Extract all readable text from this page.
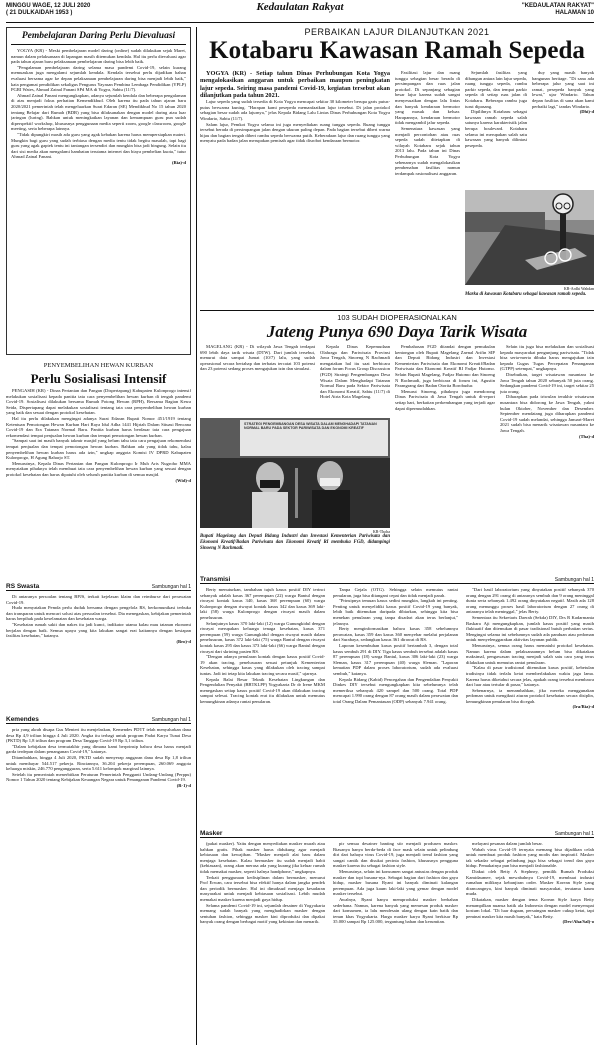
MINGGU WAGE, 12 JULI 2020
( 21 DULKAIDAH 1953 )	Kedaulatan Rakyat	"KEDAULATAN RAKYAT"
HALAMAN 10
Pembelajaran Daring Perlu Dievaluasi

YOGYA (KR) - Meski pembelajaran model daring (online) sudah dilakukan sejak Maret, namun dalam pelaksanaan di lapangan masih ditemukan kendala. Hal itu perlu dievaluasi agar pada tahun ajaran baru pelaksanaan pembelajaran daring bisa lebih baik.

"Pengalaman pembelajaran daring selama masa pandemi Covid-19, selain kurang memuaskan juga mengalami sejumlah kendala. Kendala tersebut perlu dijadikan bahan evaluasi bersama agar ke depan pelaksanaan pembelajaran daring bisa menjadi lebih baik," kata pengamat pendidikan sekaligus Pengurus Yayasan Pembina Lembaga Pendidikan (YPLP) PGRI Wates, Ahmad Zainal Fanani SPd MA di Yogya, Sabtu (11/7).

Ahmad Zainal Fanani mengungkapkan, adanya sejumlah kendala dan beberapa pengalaman di atas menjadi fokus perhatian Kemendikbud. Oleh karena itu pada tahun ajaran baru 2020/2021 pemerintah telah mengeluarkan Surat Edaran (SE) Mendikbud No 15 tahun 2020 tentang Belajar dari Rumah (BDR) yang bisa dilaksanakan dengan model daring atau luar jaringan (luring). Bahkan untuk meningkatkan layanan dan kemampuan guru pun sudah diperspektif workshop, khususnya penggunaan media seperti zoom, google classroom, google meeting, serta beberapa lainnya.

"Tidak dipungkiri masih ada guru yang agak kebakan karena harus mempersiapkan materi. Mungkin bagi guru yang sudah terbiasa dengan media tentu tidak begitu masalah, tapi bagi guru yang agak gaptek tentu ini tantangan tersendiri dan mungkin bisa jadi bingung. Selain itu dari sisi media akan mengalami hambatan terutama internet dan biaya pembelian kuota," tutur Ahmad Zainal Fanani.

(Ria)-d
PENYEMBELIHAN HEWAN KURBAN
Perlu Sosialisasi Intensif

PENGASIH (KR) - Dinas Pertanian dan Pangan (Dispertapang) Kabupaten Kulonprogo intensif melakukan sosialisasi kepada panitia tata cara penyembelihan hewan kurban di tengah pandemi Covid-19. Sosialisasi dilakukan bersama Rumah Potong Hewan (RPH), Bersama Bagian Kesra Setda, Dispertapang dapat melakukan sosialisasi tentang tata cara penyembelihan hewan kurban yang baik dan sesuai dengan protokol kesehatan.

Hal itu perlu dilakukan mengingat adanya Surat Edaran Bupati Nomor 451/1919 tentang Ketentuan Pemotongan Hewan Kurban Hari Raya Idul Adha 1441 Hijriah Dalam Situasi Bencana Covid-19 dan Era Tatanan Normal Baru. Panitia kurban harus berdasar tata cara pengajuan rekomendasi tempat penjualan hewan kurban dan tempat pemotongan hewan kurban.

"Sampai saat ini masih banyak takmir masjid yang belum tahu tata cara pengajuan rekomendasi tempat penjualan dan tempat pemotongan hewan kurban. Bahkan ada yang tidak tahu, kalau penyembelihan hewan kurban harus ada izin," ungkap anggota Komisi IV DPRD Kabupaten Kulonprogo, H Agung Raharjo ST.

Menurutnya, Kepala Dinas Pertanian dan Pangan Kulonprogo Ir Muh Aris Nugroho MMA menyatakan pihaknya telah membuat tata cara penyembelihan hewan kurban yang sesuai dengan protokol kesehatan dan harus dipatuhi oleh seluruh panitia kurban di semua masjid.

(Wid)-d
RS Swasta	Sambungan hal 1

Di antaranya persoalan tentang BPJS, terkait kejelasan klaim dan reimburse dari perawatan Covid-19.

Huda menyatakan Pemda perlu duduk bersama dengan pengelola RS, berkomunikasi terbuka dan transparan untuk mencari solusi atas persoalan tersebut. Dia menegaskan, kebijakan pemerintah harus berpihak pada keselamatan dan kesehatan warga.

"Kesehatan rumah sakit dan nakes itu jadi kunci, indikator utama kalau mau tatanan ekonomi berjalan dengan baik. Semua upaya yang kita lakukan sangat erat kaitannya dengan kesiapan fasilitas kesehatan," katanya.

(Bro)-d
Kemendes	Sambungan hal 1

pria yang akrab disapa Gus Menteri itu menjelaskan, Kemendes PDTT telah menyalurkan dana desa Rp 4,9 triliun hingga 4 Juli 2020. Angka itu terbagi untuk program Padat Karya Tunai Desa (PKTD) Rp 1,8 triliun dan program Desa Tanggap Covid-19 Rp 3,1 triliun.

"Dalam kebijakan desa termutakhir yang dimana kami berprinsip bahwa desa harus menjadi garda terdepan dalam penanganan Covid-19," katanya.

Ditambahkan, hingga 4 Juli 2020, PKTD sudah menyerap anggaran dana desa Rp 1,8 triliun untuk membayar 544.517 pekerja. Rinciannya, 36.204 pekerja perempuan, 260.069 anggota keluarga miskin, 246.770 pengangguran, serta 5.611 kelompok marginal lainnya.

Setelah itu pemerintah menerbitkan Peraturan Pemerintah Pengganti Undang-Undang (Perppu) Nomor 1 Tahun 2020 tentang Kebijakan Keuangan Negara untuk Penanganan Pandemi Covid-19.

(R-1)-d
PERBAIKAN LAJUR DILANJUTKAN 2021
Kotabaru Kawasan Ramah Sepeda

YOGYA (KR) - Setiap tahun Dinas Perhubungan Kota Yogya mengalokasikan anggaran untuk perbaikan maupun peningkatan lajur sepeda. Seiring masa pandemi Covid-19, kegiatan tersebut akan dilanjutkan pada tahun 2021.

Lajur sepeda yang sudah tersedia di Kota Yogya mencapai sekitar 30 kilometer berupa garis putus-putus berwarna kuning. "Harapan kami pesepeda memanfaatkan lajur tersebut. Di jalan protokol sebagian besar sudah ada lajurnya," jelas Kepala Bidang Lalu Lintas Dinas Perhubungan Kota Yogya Windarto, Sabtu (11/7).

Salam lajur, Pemkot Yogya selama ini juga menyediakan ruang tunggu sepeda. Ruang tunggu tersebut berada di persimpangan jalan dengan ukuran paling depan. Pada bagian tersebut diberi warna hijau dan bagian tengah diberi rambu sepeda berwarna putih. Keberadaan lajur dan ruang tunggu yang menyatu pada badan jalan merupakan pemisah agar tidak disrobot kendaraan bermotor.

Fasilitasi lajur dan ruang tunggu sebagian besar berada di persimpangan dan ruas jalan protokol. Di sepanjang sebagian besar lajur karena sudah sangat menyesuaikan dengan lalu lintas dan banyak kendaraan bermotor yang masuk dan keluar. Harapannya, kendaraan bermotor tidak mengambil jalur sepeda.

Semenatara kawasan yang menjadi percontohan atau ruas sepeda sudah ditetapkan di wilayah Kotabaru sejak tahun 2013 lalu. Pada tahun ini Dinas Perhubungan Kota Yogya sebenarnya sudah mengalokasikan pembenahan fasilitas namun terdampak rasionalisasi anggaran.

Sejumlah fasilitas yang dibangun antara lain lajur sepeda, ruang tunggu sepeda, rambu parkir sepeda, dan tempat parkir sepeda di setiap ruas jalan di Kotabaru. Beberapa rambu juga turut dipasang.

Dipilihnya Kotabaru sebagai kawasan ramah sepeda salah satunya karena karakteristik jalan berupa boulevard. Kotabaru selama ini merupakan salah satu kawasan yang banyak dilintasi pesepeda.

duy yang masih banyak bangunan heritage. "Di sana ada beberapa jalur yang saat ini ramai, pesepeda banyak yang lewat," ujar Windarto. Tahun depan fasilitas di sana akan kami perbaiki lagi," tandas Windarto.

(Dhi)-d
KR-Ardhi Wahdan
Marka di kawasan Kotabaru sebagai kawasan ramah sepeda.
103 SUDAH DIOPERASIONALKAN
Jateng Punya 690 Daya Tarik Wisata

MAGELANG (KR) - Di wilayah Jawa Tengah terdapat 690 lebih daya tarik wisata (DTW). Dari jumlah tersebut, menurut data sampai Jumat (10/7) lalu, yang sudah operasional secara bertahap dan terbatas tercatat 103 potensi dan 23 potensi sedang proses mengajukan izin dan simulasi.

Kepala Dinas Kepemudaan Olahraga dan Pariwisata Provinsi Jawa Tengah, Sinoeng N Rachmadi mengatakan hal itu saat berbicara dalam forum Focus Group Discussion (FGD) Strategi Pengembangan Desa Wisata Dalam Menghadapi Tatanan Normal Baru pada Sektor Pariwisata dan Ekonomi Kreatif, Sabtu (11/7) di Hotel Atria Kota Magelang.

Pembahasan FGD ditandai dengan pemukulan kentongan oleh Bupati Magelang Zaenal Arifin SIP dan Deputi Bidang Industri dan Investasi Kementerian Pariwisata dan Ekonomi Kreatif/Badan Pariwisata dan Ekonomi Kreatif RI Fadjar Hutomo. Selain Bupati Magelang, Fadjar Hutomo dan Sinoeng N Rachmadi, juga berbicara di forum ini, Agustin Parangrang dari Badan Otorita Borobudur.

Menurut Sinoeng, pihaknya juga mendorong Dinas Pariwisata di Jawa Tengah untuk di-report setiap hari, berkaitan perkembangan yang terjadi agar dapat dipermudahkan.

Selain itu juga bisa melakukan dan sosialisasi kepada masyarakat pengunjung pariwisata. "Tidak bisa serta-merta dibuka harus mengajukan izin kepada Gugus Tugas Percepatan Penanganan (GTPP) setempat," ungkapnya.

Disebutkan, target wisatawan nusantara ke Jawa Tengah tahun 2020 sebanyak 50 juta orang. Sedangkan pandemi Covid-19 ini, target sekitar 25 juta orang.

Diharapkan pada triwulan terakhir wisatawan nusantara bisa didorong ke Jawa Tengah, yakni bulan Oktober, November dan Desember. September mendatang juga diharapkan pandemi Covid-19 sudah melandai, sehingga Januari-Maret 2021 sudah bisa menarik wisatawan nusantara ke Jawa Tengah.

(Tha)-d
STRATEGI PENGEMBANGAN DESA WISATA DALAM MENGHADAPI TATANAN NORMAL BARU PADA SEKTOR PARIWISATA DAN EKONOMI KREATIF
KR-Thoha
Bupati Magelang dan Deputi Bidang Industri dan Investasi Kementerian Pariwisata dan Ekonomi Kreatif/Badan Pariwisata dan Ekonomi Kreatif RI membuka FGD, didampingi Sinoeng N Rachmadi.
Transmisi	Sambungan hal 1

Berty menuturkan, tambahan tujuh kasus positif DIY terinci sebanyak adalah kasus 367 perempuan (22) warga Bantul dengan riwayat kontak kasus 340, kasus 368 perempuan (60) warga Kulonprogo dengan riwayat kontak kasus 342 dan kasus 369 laki-laki (58) warga Kulonprogo dengan riwayat masih dalam penelusuran.

Selanjutnya kasus 370 laki-laki (12) warga Gunungkidul dengan riwayat merupakan keluarga tenaga kesehatan, kasus 371 perempuan (59) warga Gunungkidul dengan riwayat masih dalam penelusuran, kasus 372 laki-laki (75) warga Bantul dengan riwayat kontak kasus 295 dan kasus 373 laki-laki (66) warga Bantul dengan riwayat dari skrining pasien RS.

"Dengan adanya penularan kontak dengan kasus positif Covid-19 akan tracing, penelusuran sesuai petunjuk Kementerian Kesehatan, sehingga kasus yang dilakukan oleh tracing sampai tuntas. Jadi ini tetap kita lakukan tracing secara masif," ujarnya.

Kepala Balai Besar Teknik Kesehatan Lingkungan dan Pengendalian Penyakit (BBTKLPP) Yogyakarta Dr dr Irene MKM menegaskan setiap kasus positif Covid-19 akan dilakukan tracing sampai selesai. Tracing kontak erat itu dilakukan untuk memutus kemungkinan adanya rantai penularan.

Tanpa Gejala (OTG). Sehingga selain memutus rantai penularan, juga bisa ditangani cepat dan tidak menjadi parah.

"Prinsipnya temuan kasus sedini mungkin, langkah ini penting. Penting untuk menyelidiki kasus positif Covid-19 yang banyak, lebih baik ditemukan daripada dibiarkan, sehingga kita bisa menekan penularan yang tanpa disadari akan terus berlanjut," jelasnya.

Berty menginformasikan bahwa kasus 358 sebelumnya perawatan, kasus 359 dan kasus 360 menyebar melalui perjalanan dari Surabaya, sedangkan kasus 361 dirawat di RS.

Laporan kesembuhan kasus positif bertambah 3, dengan total kasus sembuh 291 di DIY. Tiga kasus sembuh tersebut adalah kasus 87 perempuan (18) warga Bantul, kasus 306 laki-laki (23) warga Sleman, kasus 317 perempuan (40) warga Sleman. "Laporan kematian PDP dalam proses laboratorium, sudah ada evaluasi sembuh," katanya.

Kepala Bidang (Kabid) Pencegahan dan Pengendalian Penyakit Dinkes DIY tersebut mengungkapkan kita sebelumnya telah memeriksa sebanyak 420 sampel dan 500 orang. Total PDP mencapai 1.990 orang dengan 87 orang masih dalam perawatan dan total Orang Dalam Pemantauan (ODP) sebanyak 7.941 orang.

"Dari hasil laboratorium yang dinyatakan positif sebanyak 370 orang dengan 291 orang di antaranya sembuh dan 9 orang meninggal dunia serta sebanyak 1.492 orang dinyatakan negatif. Masih ada 128 orang menunggu proses hasil laboratorium dengan 27 orang di antaranya telah meninggal," jelas Berty.

Sementara itu Sekretaris Daerah (Sekda) DIY, Drs R Kadarmanta Baskara Aji mengungkapkan, jumlah kasus positif yang masih fluktuatif dan ditemukan di pasar tradisional butuh perhatian serius. Mengingat selama ini sebelumnya sudah ada panduan atau pedoman untuk menyelenggarakan aktivitas layanan publik.

Menurutnya, semua orang harus mematuhi protokol kesehatan. Namun karena dalam pelaksanaannya belum bisa dikatakan maksimal, pengawasan tracing menjadi salah satu cara yang terus dilakukan untuk memutus rantai penularan.

"Kalau di pasar tradisional ditemukan kasus positif, kebetulan tradisinya tidak terlalu ketat memberlakukan waktu jaga lama. Karena harus diketahui secara jelas, apakah orang tersebut membawa dari luar atau tertular di pasar," katanya.

Sebenarnya, ia menambahkan, jika mereka menggunakan pedoman untuk mengikuti aturan protokol kesehatan secara disiplin, kemungkinan penularan bisa dicegah.

(Ira/Ria)-d
Masker	Sambungan hal 1

(pakai masker). Yaitu dengan menyediakan masker murah atau bahkan gratis. Pihak masker harus didukung agar menjadi kebiasaan dan kewajiban. "Masker menjadi alat baru dalam menjaga kesehatan. Kalau bermasker itu sudah menjadi habit (kebiasaan), orang akan merasa ada yang kurang jika keluar rumah tidak memakai masker, seperti halnya handphone," ungkapnya.

Terkait penggunaan kedisiplinan dalam bermasker, menurut Prof Erwan, cara tersebut bisa efektif hanya dalam jangka pendek dan periodik bermasker. Hal ini dimaksud menjaga kesadaran masyarakat untuk menjadi kebiasaan sosialisasi. Lebih mudah memakai masker karena menjadi gaya hidup.

Selama pandemi Covid-19 ini, sejumlah desainer di Yogyakarta memang sudah banyak yang menghadirkan masker dengan sentuhan fashion, sehingga masker kini diproduksi dan dipakai banyak orang dengan berbagai motif yang kekinian dan menarik.

pir semua desainer banting stir menjadi produsen masker. Biasanya hanya berda-beda di face mask selain untuk pelindung diri dari bahaya virus Covid-19, juga menjadi trend fashion yang sangat cantik dan disukai pecinta fashion, khususnya pengguna masker karena itu sebagai fashion style.

Menurutnya, selain ini konsumen sangat antusias dengan produk masker dan topi busana-nya. Sebagai bagian dari fashion dan gaya hidup, masker busana Ryani ini banyak diminati kalangan perempuan. Ada juga kaum laki-laki yang gemar dengan model masker tersebut.

Awalnya, Ryani hanya memproduksi masker berbahan sederhana. Namun, karena banyak yang memesan produk masker dari konsumen, ia lalu mendesain ulang dengan kain batik dan tenun khas Yogyakarta. Harga masker karya Ryani berkisar Rp 35.000 sampai Rp 125.000, tergantung bahan dan kerumitan.

melayani pesanan dalam jumlah besar.

Wabah virus Covid-19 ternyata memang bisa dijadikan celah untuk membuat produk fashion yang modis dan inspiratif. Masker tak sekadar sebagai pelindung juga bisa sebagai trend dan gaya hidup. Pemakainya pun bisa menjadi fashionable.

Diakui oleh Betty A Stephney, pemilik Rumah Produksi Kamidaumee, sejak mewabahnya Covid-19, membuat industri rumahan miliknya kebanjiran order. Masker Korean Style yang dirancangnya, kini banyak diminati masyarakat, terutama kaum muda.

Dikatakan, masker dengan tema Korean Style karya Betty menampilkan nuansa batik ala Indonesia dengan model menyerupai kostum lokal. "Di luar dugaan, persaingan masker cukup ketat, tapi peminat masker kita masih banyak," kata Betty.

(Dev/Aha/Sal)-o
